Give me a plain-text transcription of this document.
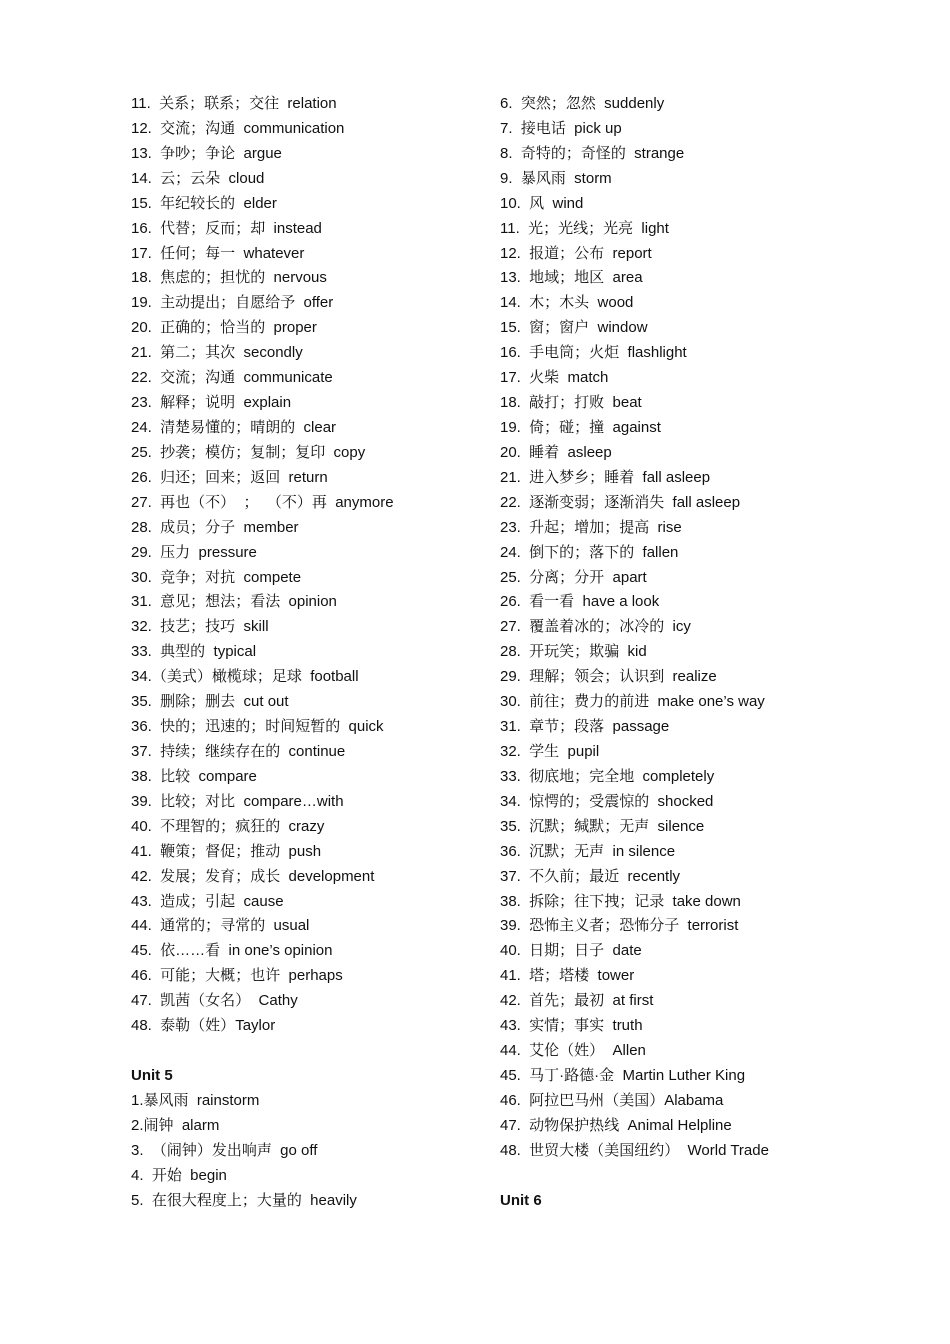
11.  关系；联系；交往  relation
12.  交流；沟通  communication
13.  争吵；争论  argue
14.  云；云朵  cloud
15.  年纪较长的  elder
16.  代替；反而；却  instead
17.  任何；每一  whatever
18.  焦虑的；担忧的  nervous
19.  主动提出；自愿给予  offer
20.  正确的；恰当的  proper
21.  第二；其次  secondly
22.  交流；沟通  communicate
23.  解释；说明  explain
24.  清楚易懂的；晴朗的  clear
25.  抄袭；模仿；复制；复印  copy
26.  归还；回来；返回  return
27.  再也（不）  ；  （不）再  anymore
28.  成员；分子  member
29.  压力  pressure
30.  竞争；对抗  compete
31.  意见；想法；看法  opinion
32.  技艺；技巧  skill
33.  典型的  typical
34.（美式）橄榄球；足球  football
35.  删除；删去  cut out
36.  快的；迅速的；时间短暂的  quick
37.  持续；继续存在的  continue
38.  比较  compare
39.  比较；对比  compare…with
40.  不理智的；疯狂的  crazy
41.  鞭策；督促；推动  push
42.  发展；发育；成长  development
43.  造成；引起  cause
44.  通常的；寻常的  usual
45.  依……看  in one’s opinion
46.  可能；大概；也许  perhaps
47.  凯茜（女名）  Cathy
48.  泰勒（姓）Taylor
Unit 5
1.暴风雨  rainstorm
2.闹钟  alarm
3.  （闹钟）发出响声  go off
4.  开始  begin
5.  在很大程度上；大量的  heavily
6.  突然；忽然  suddenly
7.  接电话  pick up
8.  奇特的；奇怪的  strange
9.  暴风雨  storm
10.  风  wind
11.  光；光线；光亮  light
12.  报道；公布  report
13.  地域；地区  area
14.  木；木头  wood
15.  窗；窗户  window
16.  手电筒；火炬  flashlight
17.  火柴  match
18.  敲打；打败  beat
19.  倚；碰；撞  against
20.  睡着  asleep
21.  进入梦乡；睡着  fall asleep
22.  逐渐变弱；逐渐消失  fall asleep
23.  升起；增加；提高  rise
24.  倒下的；落下的  fallen
25.  分离；分开  apart
26.  看一看  have a look
27.  覆盖着冰的；冰冷的  icy
28.  开玩笑；欺骗  kid
29.  理解；领会；认识到  realize
30.  前往；费力的前进  make one’s way
31.  章节；段落  passage
32.  学生  pupil
33.  彻底地；完全地  completely
34.  惊愕的；受震惊的  shocked
35.  沉默；缄默；无声  silence
36.  沉默；无声  in silence
37.  不久前；最近  recently
38.  拆除；往下拽；记录  take down
39.  恐怖主义者；恐怖分子  terrorist
40.  日期；日子  date
41.  塔；塔楼  tower
42.  首先；最初  at first
43.  实情；事实  truth
44.  艾伦（姓）  Allen
45.  马丁·路德·金  Martin Luther King
46.  阿拉巴马州（美国）Alabama
47.  动物保护热线  Animal Helpline
48.  世贸大楼（美国纽约）  World Trade
Unit 6
